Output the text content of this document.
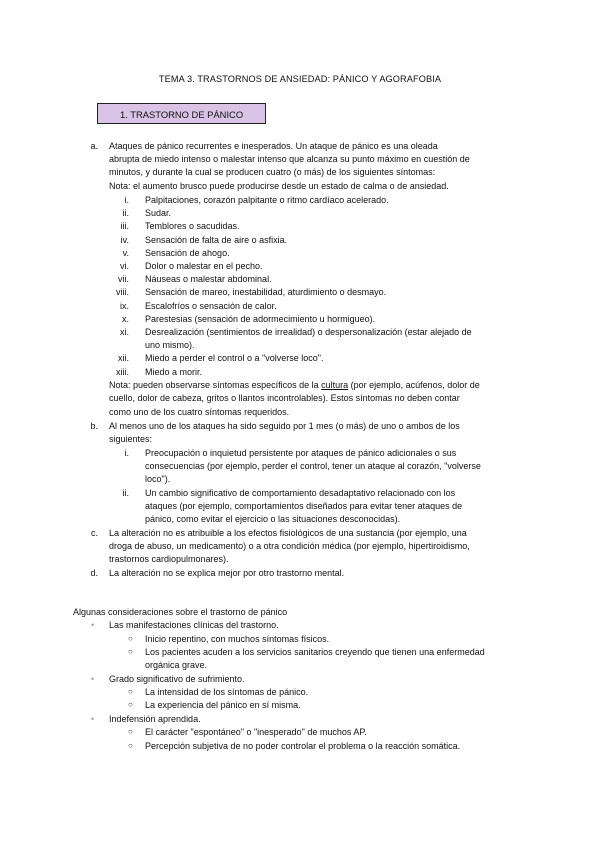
TEMA 3. TRASTORNOS DE ANSIEDAD: PÁNICO Y AGORAFOBIA
1. TRASTORNO DE PÁNICO
a. Ataques de pánico recurrentes e inesperados. Un ataque de pánico es una oleada
abrupta de miedo intenso o malestar intenso que alcanza su punto máximo en cuestión de
minutos, y durante la cual se producen cuatro (o más) de los siguientes síntomas:
Nota: el aumento brusco puede producirse desde un estado de calma o de ansiedad.
Nota: pueden observarse síntomas específicos de la cultura (por ejemplo, acúfenos, dolor de
cuello, dolor de cabeza, gritos o llantos incontrolables). Estos síntomas no deben contar
como uno de los cuatro síntomas requeridos.
b. Al menos uno de los ataques ha sido seguido por 1 mes (o más) de uno o ambos de los
siguientes:
i. Preocupación o inquietud persistente por ataques de pánico adicionales o sus
consecuencias (por ejemplo, perder el control, tener un ataque al corazón, "volverse
loco").
ii. Un cambio significativo de comportamiento desadaptativo relacionado con los
ataques (por ejemplo, comportamientos diseñados para evitar tener ataques de
pánico, como evitar el ejercicio o las situaciones desconocidas).
c. La alteración no es atribuible a los efectos fisiológicos de una sustancia (por ejemplo, una
droga de abuso, un medicamento) o a otra condición médica (por ejemplo, hipertiroidismo,
trastornos cardiopulmonares).
d. La alteración no se explica mejor por otro trastorno mental.
Algunas consideraciones sobre el trastorno de pánico
• Las manifestaciones clínicas del trastorno.
○ Inicio repentino, con muchos síntomas físicos.
○ Los pacientes acuden a los servicios sanitarios creyendo que tienen una enfermedad
orgánica grave.
• Grado significativo de sufrimiento.
○ La intensidad de los síntomas de pánico.
○ La experiencia del pánico en sí misma.
• Indefensión aprendida.
○ El carácter "espontáneo" o "inesperado" de muchos AP.
○ Percepción subjetiva de no poder controlar el problema o la reacción somática.
i. Palpitaciones, corazón palpitante o ritmo cardíaco acelerado.
ii. Sudar.
iii. Temblores o sacudidas.
iv. Sensación de falta de aire o asfixia.
v. Sensación de ahogo.
vi. Dolor o malestar en el pecho.
vii. Náuseas o malestar abdominal.
viii. Sensación de mareo, inestabilidad, aturdimiento o desmayo.
ix. Escalofríos o sensación de calor.
x. Parestesias (sensación de adormecimiento u hormigueo).
xi. Desrealización (sentimientos de irrealidad) o despersonalización (estar alejado de
uno mismo).
xii. Miedo a perder el control o a "volverse loco".
xiii. Miedo a morir.
